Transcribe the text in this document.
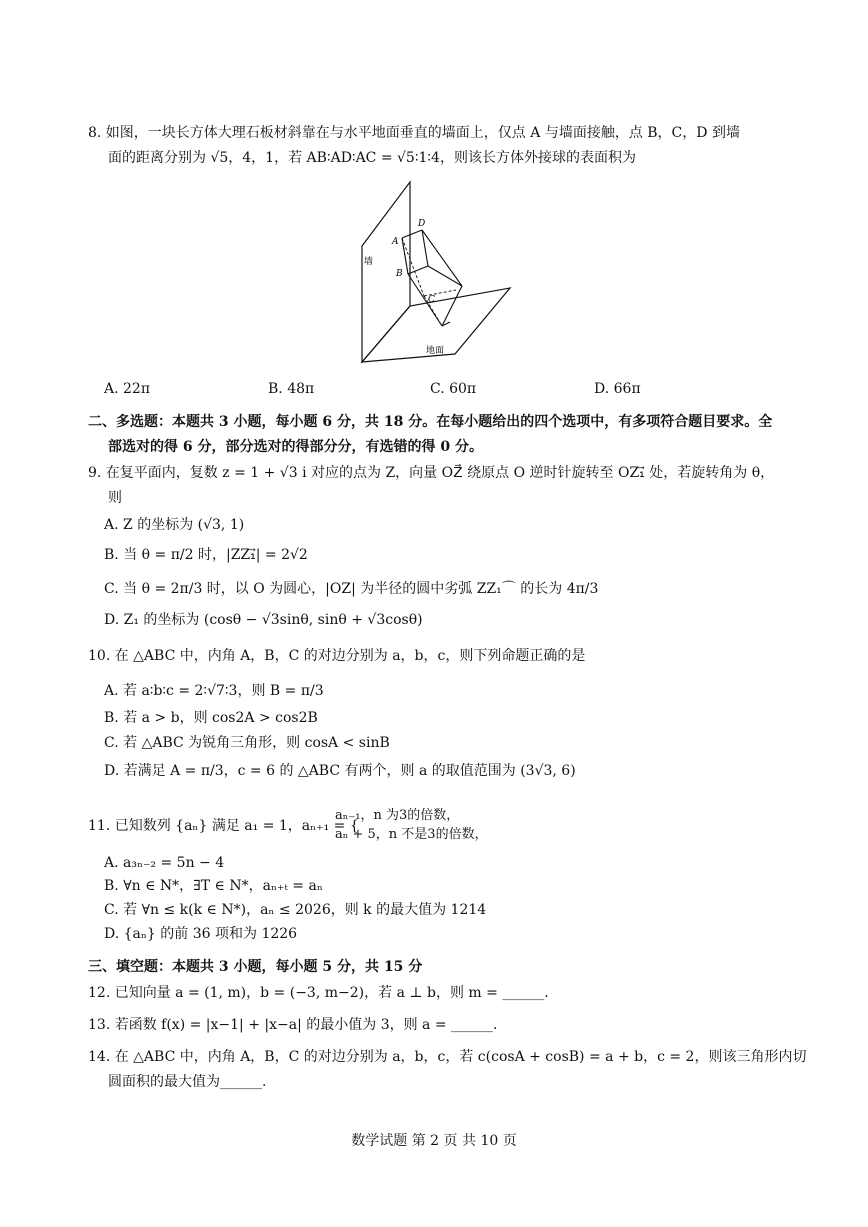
8. 如图，一块长方体大理石板材斜靠在与水平地面垂直的墙面上，仅点 A 与墙面接触，点 B，C，D 到墙
面的距离分别为 √5，4，1，若 AB∶AD∶AC = √5∶1∶4，则该长方体外接球的表面积为
墙
地面
A
B
C
D
A. 22π	B. 48π	C. 60π	D. 66π
二、多选题：本题共 3 小题，每小题 6 分，共 18 分。在每小题给出的四个选项中，有多项符合题目要求。全
部选对的得 6 分，部分选对的得部分分，有选错的得 0 分。
9. 在复平面内，复数 z = 1 + √3 i 对应的点为 Z，向量 OZ⃗ 绕原点 O 逆时针旋转至 OZ₁⃗ 处，若旋转角为 θ，
则
A. Z 的坐标为 (√3, 1)
B. 当 θ = π/2 时，|ZZ₁⃗| = 2√2
C. 当 θ = 2π/3 时，以 O 为圆心，|OZ| 为半径的圆中劣弧 ZZ₁⌒ 的长为 4π/3
D. Z₁ 的坐标为 (cosθ − √3sinθ, sinθ + √3cosθ)
10. 在 △ABC 中，内角 A，B，C 的对边分别为 a，b，c，则下列命题正确的是
A. 若 a∶b∶c = 2∶√7∶3，则 B = π/3
B. 若 a > b，则 cos2A > cos2B
C. 若 △ABC 为锐角三角形，则 cosA < sinB
D. 若满足 A = π/3，c = 6 的 △ABC 有两个，则 a 的取值范围为 (3√3, 6)
11. 已知数列 {aₙ} 满足 a₁ = 1，aₙ₊₁ = {
aₙ₋₁，n 为3的倍数，
aₙ + 5，n 不是3的倍数，
A. a₃ₙ₋₂ = 5n − 4
B. ∀n ∈ N*，∃T ∈ N*，aₙ₊ₜ = aₙ
C. 若 ∀n ≤ k(k ∈ N*)，aₙ ≤ 2026，则 k 的最大值为 1214
D. {aₙ} 的前 36 项和为 1226
三、填空题：本题共 3 小题，每小题 5 分，共 15 分
12. 已知向量 a = (1, m)，b = (−3, m−2)，若 a ⊥ b，则 m = ______.
13. 若函数 f(x) = |x−1| + |x−a| 的最小值为 3，则 a = ______.
14. 在 △ABC 中，内角 A，B，C 的对边分别为 a，b，c，若 c(cosA + cosB) = a + b，c = 2，则该三角形内切
圆面积的最大值为______.
数学试题 第 2 页 共 10 页
